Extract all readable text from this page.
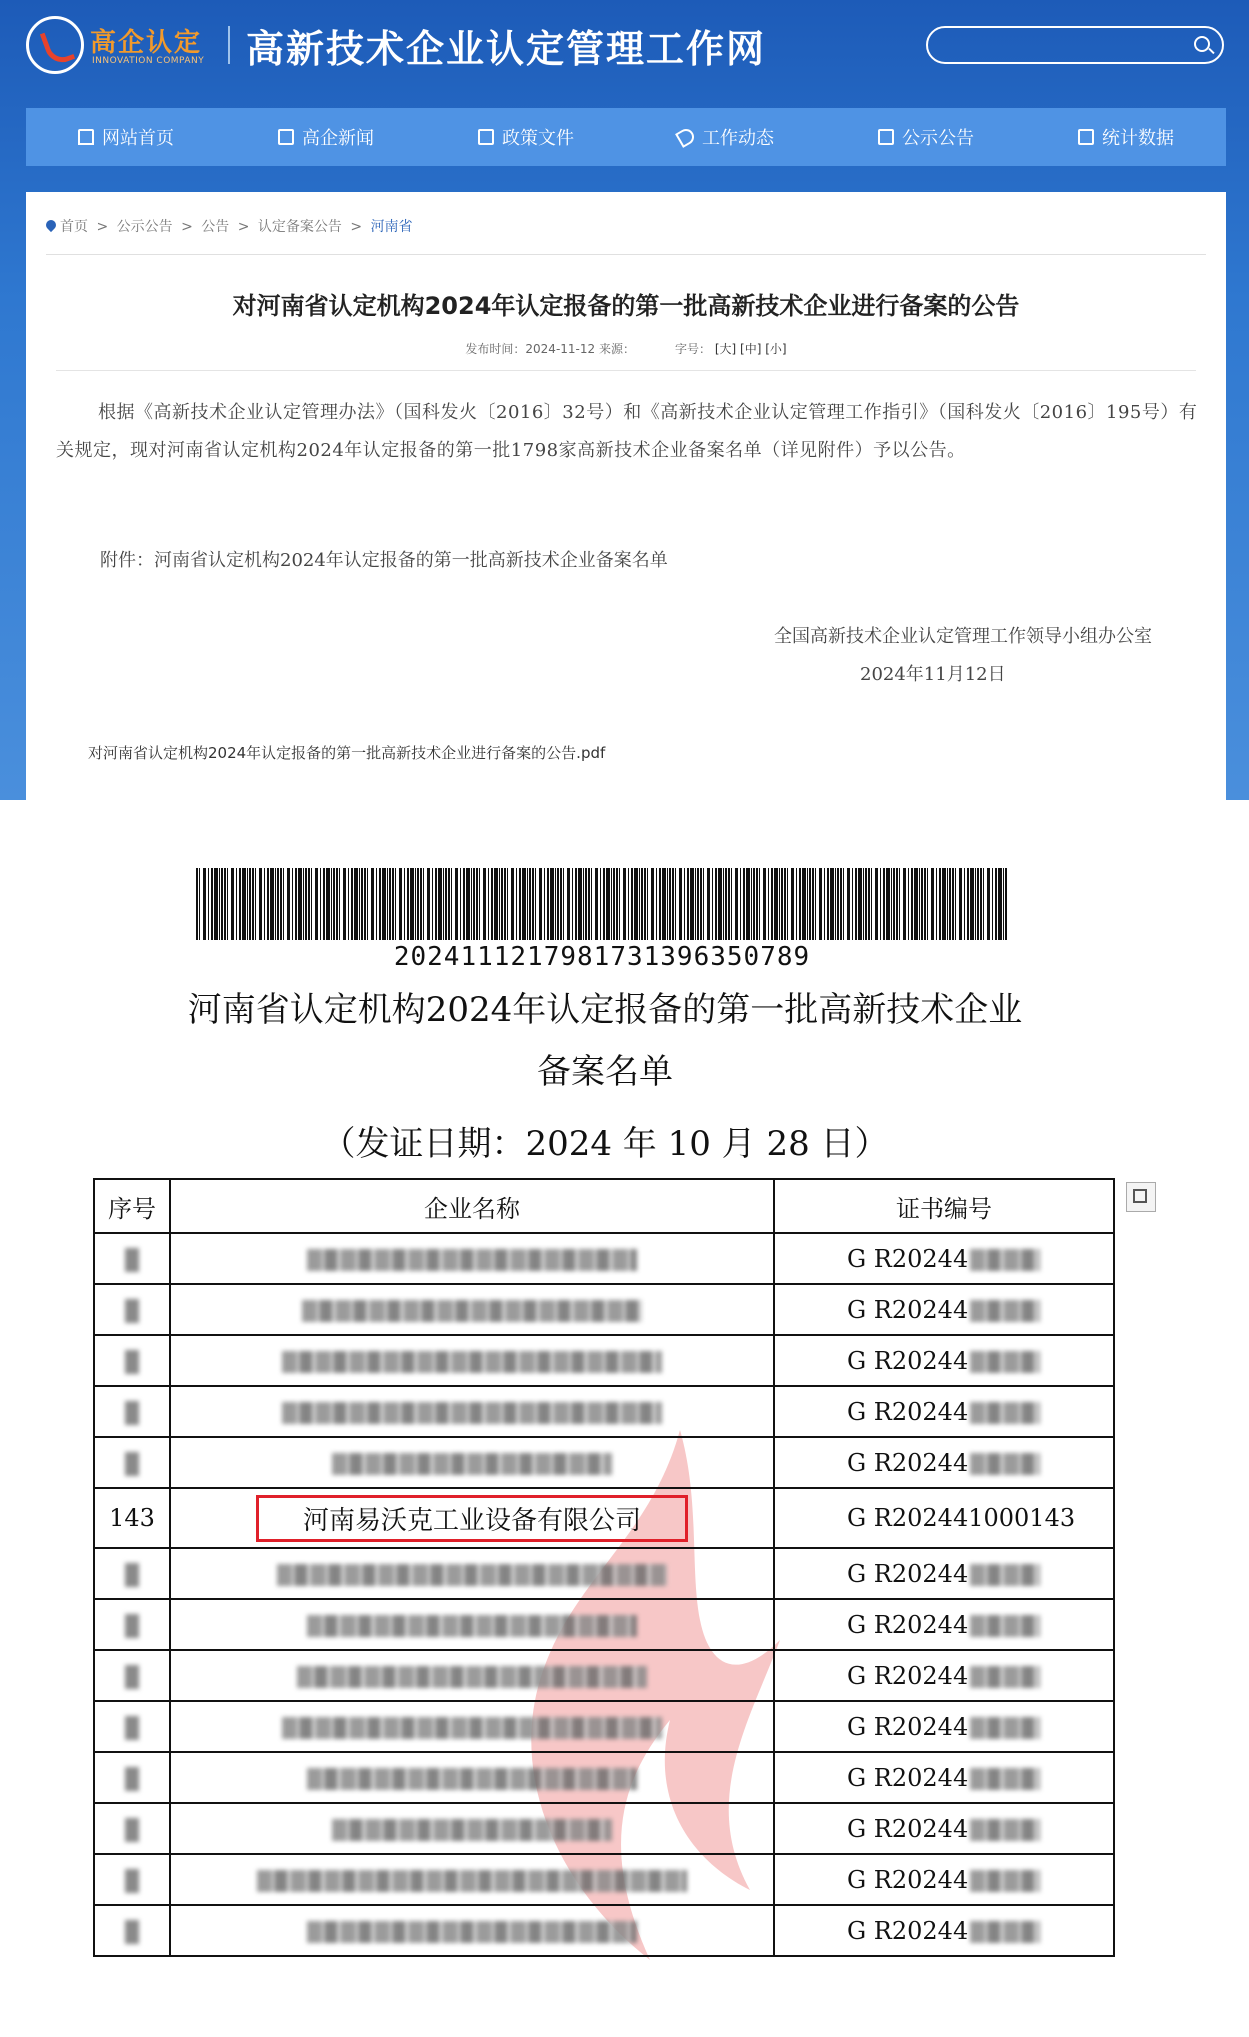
高企认定
INNOVATION COMPANY 高新技术企业认定管理工作网
网站首页	高企新闻	政策文件	工作动态	公示公告	统计数据
首页 > 公示公告 > 公告 > 认定备案公告 > 河南省
对河南省认定机构2024年认定报备的第一批高新技术企业进行备案的公告
发布时间：2024-11-12 来源：	字号： [大] [中] [小]
根据《高新技术企业认定管理办法》（国科发火〔2016〕32号）和《高新技术企业认定管理工作指引》（国科发火〔2016〕195号）有关规定，现对河南省认定机构2024年认定报备的第一批1798家高新技术企业备案名单（详见附件）予以公告。
附件：河南省认定机构2024年认定报备的第一批高新技术企业备案名单
全国高新技术企业认定管理工作领导小组办公室
2024年11月12日
对河南省认定机构2024年认定报备的第一批高新技术企业进行备案的公告.pdf
2024111217981731396350789
河南省认定机构2024年认定报备的第一批高新技术企业
备案名单
（发证日期：2024 年 10 月 28 日）
序号	企业名称	证书编号
		G R20244
		G R20244
		G R20244
		G R20244
		G R20244
143	河南易沃克工业设备有限公司	G R202441000143
		G R20244
		G R20244
		G R20244
		G R20244
		G R20244
		G R20244
		G R20244
		G R20244
